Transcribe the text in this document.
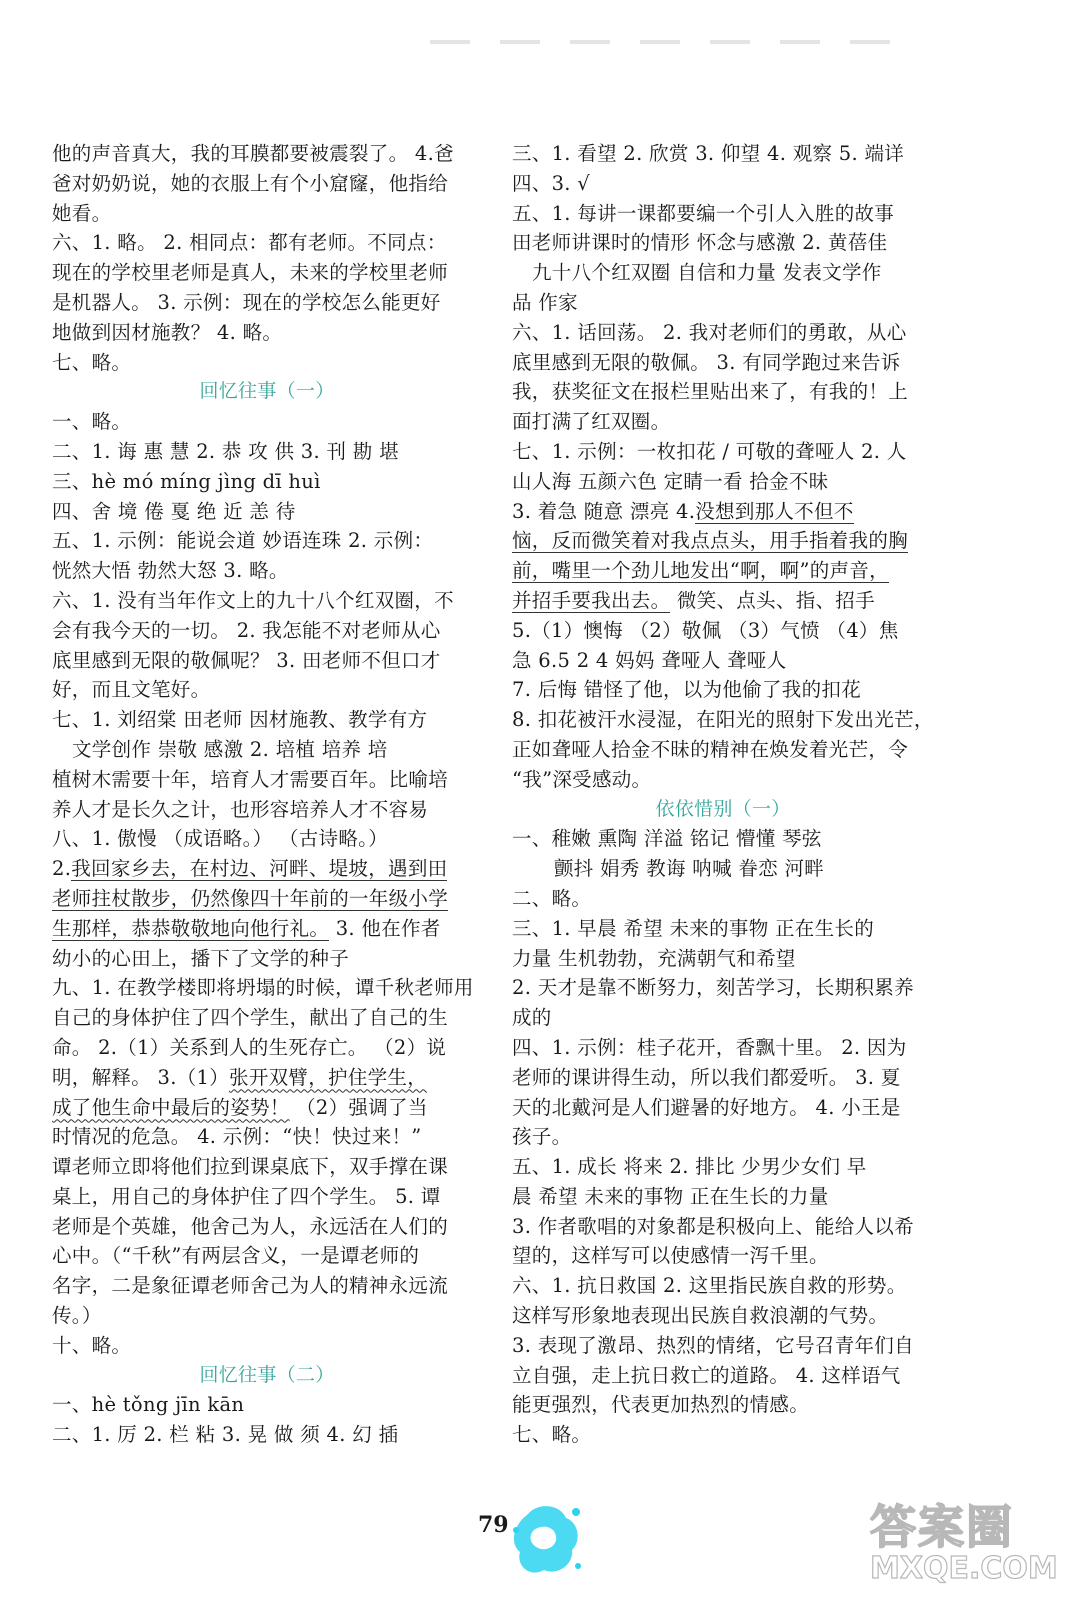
他的声音真大，我的耳膜都要被震裂了。 4.爸
爸对奶奶说，她的衣服上有个小窟窿，他指给
她看。
六、1. 略。 2. 相同点：都有老师。不同点：
现在的学校里老师是真人，未来的学校里老师
是机器人。 3. 示例：现在的学校怎么能更好
地做到因材施教？ 4. 略。
七、略。
回忆往事（一）
一、略。
二、1. 诲 惠 慧 2. 恭 攻 供 3. 刊 勘 堪
三、hè mó míng jìng dī huì
四、舍 境 倦 戛 绝 近 恙 待
五、1. 示例：能说会道 妙语连珠 2. 示例：
恍然大悟 勃然大怒 3. 略。
六、1. 没有当年作文上的九十八个红双圈，不
会有我今天的一切。 2. 我怎能不对老师从心
底里感到无限的敬佩呢？ 3. 田老师不但口才
好，而且文笔好。
七、1. 刘绍棠 田老师 因材施教、教学有方
文学创作 崇敬 感激 2. 培植 培养 培
植树木需要十年，培育人才需要百年。比喻培
养人才是长久之计，也形容培养人才不容易
八、1. 傲慢 （成语略。） （古诗略。）
2.我回家乡去，在村边、河畔、堤坡，遇到田
老师拄杖散步，仍然像四十年前的一年级小学
生那样，恭恭敬敬地向他行礼。 3. 他在作者
幼小的心田上，播下了文学的种子
九、1. 在教学楼即将坍塌的时候，谭千秋老师用
自己的身体护住了四个学生，献出了自己的生
命。 2.（1）关系到人的生死存亡。 （2）说
明，解释。 3.（1）张开双臂，护住学生，
成了他生命中最后的姿势！ （2）强调了当
时情况的危急。 4. 示例：“快！快过来！”
谭老师立即将他们拉到课桌底下，双手撑在课
桌上，用自己的身体护住了四个学生。 5. 谭
老师是个英雄，他舍己为人，永远活在人们的
心中。（“千秋”有两层含义，一是谭老师的
名字，二是象征谭老师舍己为人的精神永远流
传。）
十、略。
回忆往事（二）
一、hè tǒng jīn kān
二、1. 厉 2. 栏 粘 3. 晃 做 须 4. 幻 插
三、1. 看望 2. 欣赏 3. 仰望 4. 观察 5. 端详
四、3. √
五、1. 每讲一课都要编一个引人入胜的故事
田老师讲课时的情形 怀念与感激 2. 黄蓓佳
九十八个红双圈 自信和力量 发表文学作
品 作家
六、1. 话回荡。 2. 我对老师们的勇敢，从心
底里感到无限的敬佩。 3. 有同学跑过来告诉
我，获奖征文在报栏里贴出来了，有我的！上
面打满了红双圈。
七、1. 示例：一枚扣花 / 可敬的聋哑人 2. 人
山人海 五颜六色 定睛一看 拾金不昧
3. 着急 随意 漂亮 4.没想到那人不但不
恼，反而微笑着对我点点头，用手指着我的胸
前，嘴里一个劲儿地发出“啊，啊”的声音，
并招手要我出去。 微笑、点头、指、招手
5.（1）懊悔 （2）敬佩 （3）气愤 （4）焦
急 6.5 2 4 妈妈 聋哑人 聋哑人
7. 后悔 错怪了他，以为他偷了我的扣花
8. 扣花被汗水浸湿，在阳光的照射下发出光芒，
正如聋哑人拾金不昧的精神在焕发着光芒，令
“我”深受感动。
依依惜别（一）
一、稚嫩 熏陶 洋溢 铭记 懵懂 琴弦
颤抖 娟秀 教诲 呐喊 眷恋 河畔
二、略。
三、1. 早晨 希望 未来的事物 正在生长的
力量 生机勃勃，充满朝气和希望
2. 天才是靠不断努力，刻苦学习，长期积累养
成的
四、1. 示例：桂子花开，香飘十里。 2. 因为
老师的课讲得生动，所以我们都爱听。 3. 夏
天的北戴河是人们避暑的好地方。 4. 小王是
孩子。
五、1. 成长 将来 2. 排比 少男少女们 早
晨 希望 未来的事物 正在生长的力量
3. 作者歌唱的对象都是积极向上、能给人以希
望的，这样写可以使感情一泻千里。
六、1. 抗日救国 2. 这里指民族自救的形势。
这样写形象地表现出民族自救浪潮的气势。
3. 表现了激昂、热烈的情绪，它号召青年们自
立自强，走上抗日救亡的道路。 4. 这样语气
能更强烈，代表更加热烈的情感。
七、略。
79	答案圈
MXQE.COM
